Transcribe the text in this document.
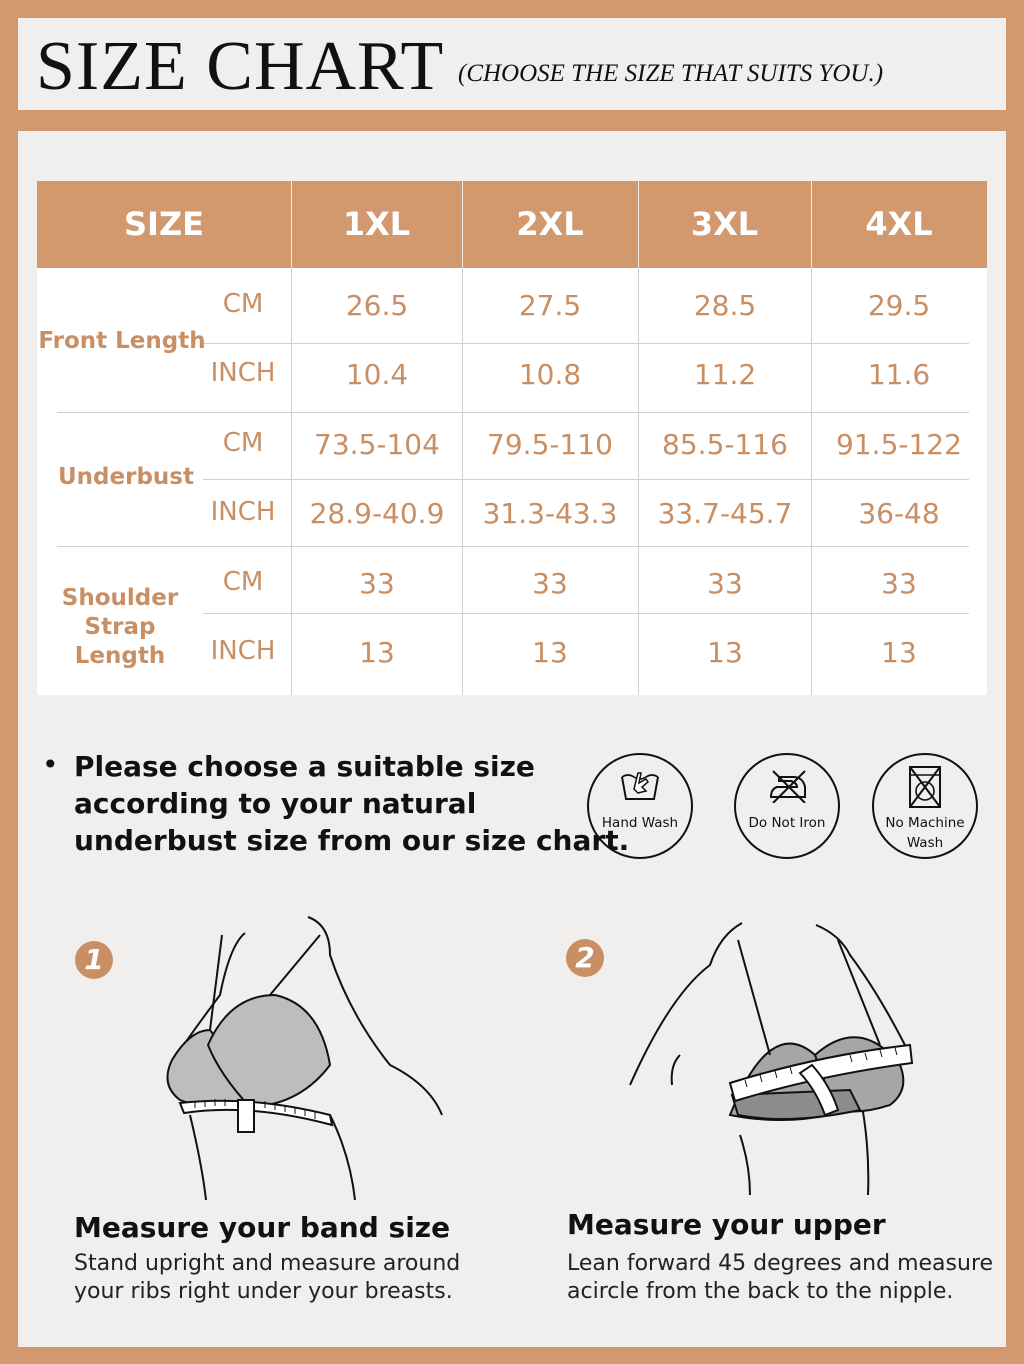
SIZE CHART (CHOOSE THE SIZE THAT SUITS YOU.)
SIZE	1XL	2XL	3XL	4XL
Front Length
CM	26.5	27.5	28.5	29.5
INCH	10.4	10.8	11.2	11.6
Underbust
CM	73.5-104	79.5-110	85.5-116	91.5-122
INCH	28.9-40.9	31.3-43.3	33.7-45.7	36-48
Shoulder
Strap Length
CM	33	33	33	33
INCH	13	13	13	13
• Please choose a suitable size
according to your natural
underbust size from our size chart.
Hand Wash	Do Not Iron	No Machine
Wash
1
Measure your band size
Stand upright and measure around
your ribs right under your breasts.
2
Measure your upper
Lean forward 45 degrees and measure
acircle from the back to the nipple.
